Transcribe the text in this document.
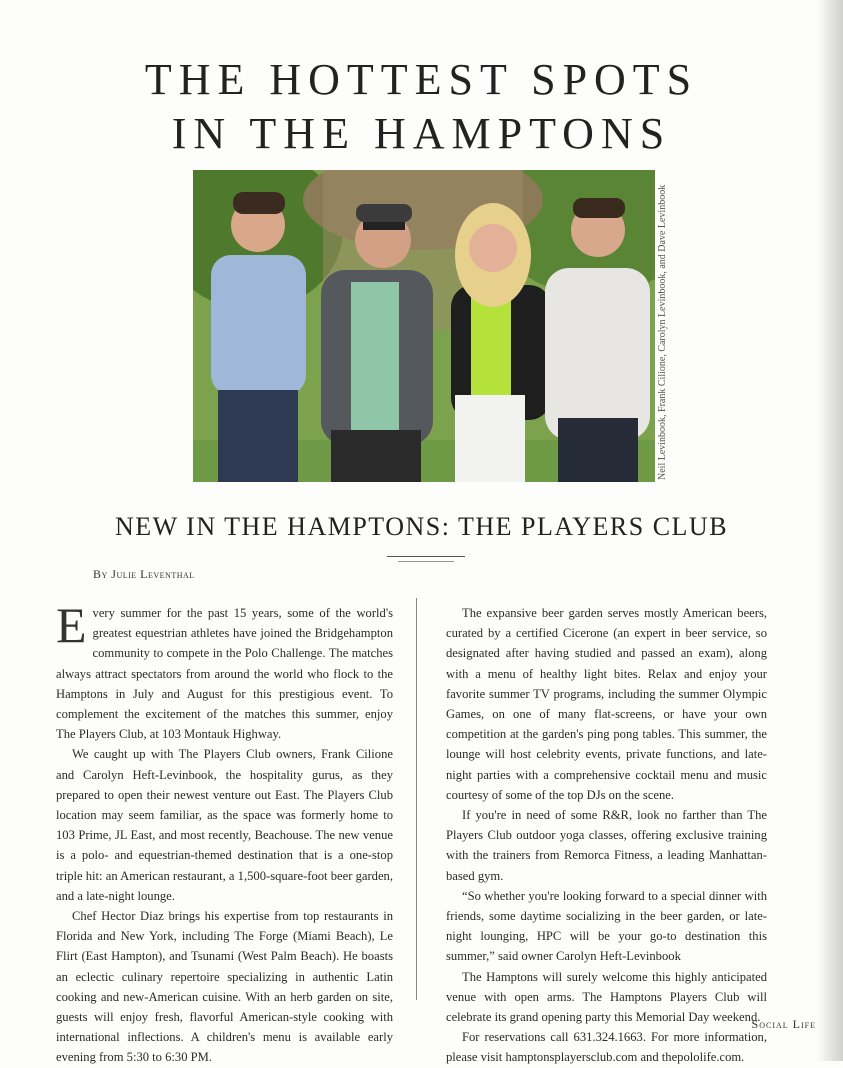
THE HOTTEST SPOTS
IN THE HAMPTONS
Neil Levinbook, Frank Cilione, Carolyn Levinbook, and Dave Levinbook
NEW IN THE HAMPTONS: THE PLAYERS CLUB
By Julie Leventhal

Every summer for the past 15 years, some of the world's greatest equestrian athletes have joined the Bridgehampton community to compete in the Polo Challenge. The matches always attract spectators from around the world who flock to the Hamptons in July and August for this prestigious event. To complement the excitement of the matches this summer, enjoy The Players Club, at 103 Montauk Highway.

We caught up with The Players Club owners, Frank Cilione and Carolyn Heft-Levinbook, the hospitality gurus, as they prepared to open their newest venture out East. The Players Club location may seem familiar, as the space was formerly home to 103 Prime, JL East, and most recently, Beachouse. The new venue is a polo- and equestrian-themed destination that is a one-stop triple hit: an American restaurant, a 1,500-square-foot beer garden, and a late-night lounge.

Chef Hector Diaz brings his expertise from top restaurants in Florida and New York, including The Forge (Miami Beach), Le Flirt (East Hampton), and Tsunami (West Palm Beach). He boasts an eclectic culinary repertoire specializing in authentic Latin cooking and new-American cuisine. With an herb garden on site, guests will enjoy fresh, flavorful American-style cooking with international inflections. A children's menu is available early evening from 5:30 to 6:30 PM.

The expansive beer garden serves mostly American beers, curated by a certified Cicerone (an expert in beer service, so designated after having studied and passed an exam), along with a menu of healthy light bites. Relax and enjoy your favorite summer TV programs, including the summer Olympic Games, on one of many flat-screens, or have your own competition at the garden's ping pong tables. This summer, the lounge will host celebrity events, private functions, and late-night parties with a comprehensive cocktail menu and music courtesy of some of the top DJs on the scene.

If you're in need of some R&R, look no farther than The Players Club outdoor yoga classes, offering exclusive training with the trainers from Remorca Fitness, a leading Manhattan-based gym.

“So whether you're looking forward to a special dinner with friends, some daytime socializing in the beer garden, or late-night lounging, HPC will be your go-to destination this summer,” said owner Carolyn Heft-Levinbook

The Hamptons will surely welcome this highly anticipated venue with open arms. The Hamptons Players Club will celebrate its grand opening party this Memorial Day weekend.

For reservations call 631.324.1663. For more information, please visit hamptonsplayersclub.com and thepololife.com.

Social Life
